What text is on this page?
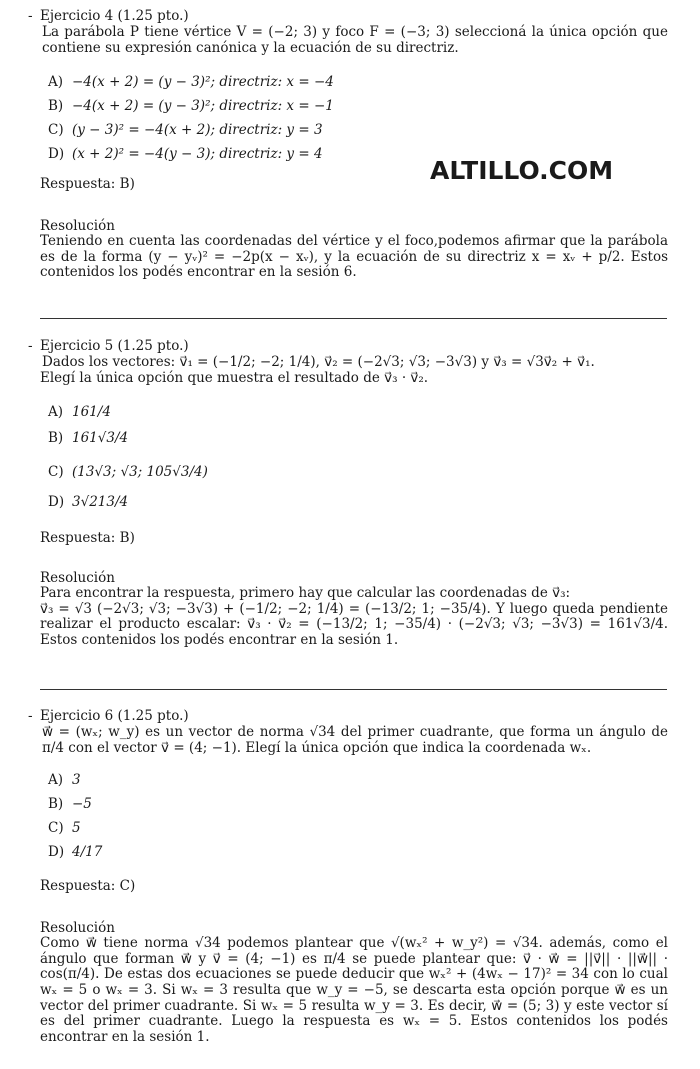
ALTILLO.COM
- Ejercicio 4 (1.25 pto.)
La parábola P tiene vértice V = (−2; 3) y foco F = (−3; 3) seleccioná la única opción que contiene su expresión canónica y la ecuación de su directriz.
A) −4(x + 2) = (y − 3)²; directriz: x = −4
B) −4(x + 2) = (y − 3)²; directriz: x = −1
C) (y − 3)² = −4(x + 2); directriz: y = 3
D) (x + 2)² = −4(y − 3); directriz: y = 4
Respuesta: B)
Resolución
Teniendo en cuenta las coordenadas del vértice y el foco,podemos afirmar que la parábola es de la forma (y − yᵥ)² = −2p(x − xᵥ), y la ecuación de su directriz x = xᵥ + p/2. Estos contenidos los podés encontrar en la sesión 6.
- Ejercicio 5 (1.25 pto.)
Dados los vectores: v⃗₁ = (−1/2; −2; 1/4), v⃗₂ = (−2√3; √3; −3√3) y v⃗₃ = √3v⃗₂ + v⃗₁.
Elegí la única opción que muestra el resultado de v⃗₃ · v⃗₂.
A) 161/4
B) 161√3/4
C) (13√3; √3; 105√3/4)
D) 3√213/4
Respuesta: B)
Resolución
Para encontrar la respuesta, primero hay que calcular las coordenadas de v⃗₃:
v⃗₃ = √3 (−2√3; √3; −3√3) + (−1/2; −2; 1/4) = (−13/2; 1; −35/4). Y luego queda pendiente realizar el producto escalar: v⃗₃ · v⃗₂ = (−13/2; 1; −35/4) · (−2√3; √3; −3√3) = 161√3/4. Estos contenidos los podés encontrar en la sesión 1.
- Ejercicio 6 (1.25 pto.)
w⃗ = (wₓ; w_y) es un vector de norma √34 del primer cuadrante, que forma un ángulo de π/4 con el vector v⃗ = (4; −1). Elegí la única opción que indica la coordenada wₓ.
A) 3
B) −5
C) 5
D) 4/17
Respuesta: C)
Resolución
Como w⃗ tiene norma √34 podemos plantear que √(wₓ² + w_y²) = √34. además, como el ángulo que forman w⃗ y v⃗ = (4; −1) es π/4 se puede plantear que: v⃗ · w⃗ = ||v⃗|| · ||w⃗|| · cos(π/4). De estas dos ecuaciones se puede deducir que wₓ² + (4wₓ − 17)² = 34 con lo cual wₓ = 5 o wₓ = 3. Si wₓ = 3 resulta que w_y = −5, se descarta esta opción porque w⃗ es un vector del primer cuadrante. Si wₓ = 5 resulta w_y = 3. Es decir, w⃗ = (5; 3) y este vector sí es del primer cuadrante. Luego la respuesta es wₓ = 5. Estos contenidos los podés encontrar en la sesión 1.
